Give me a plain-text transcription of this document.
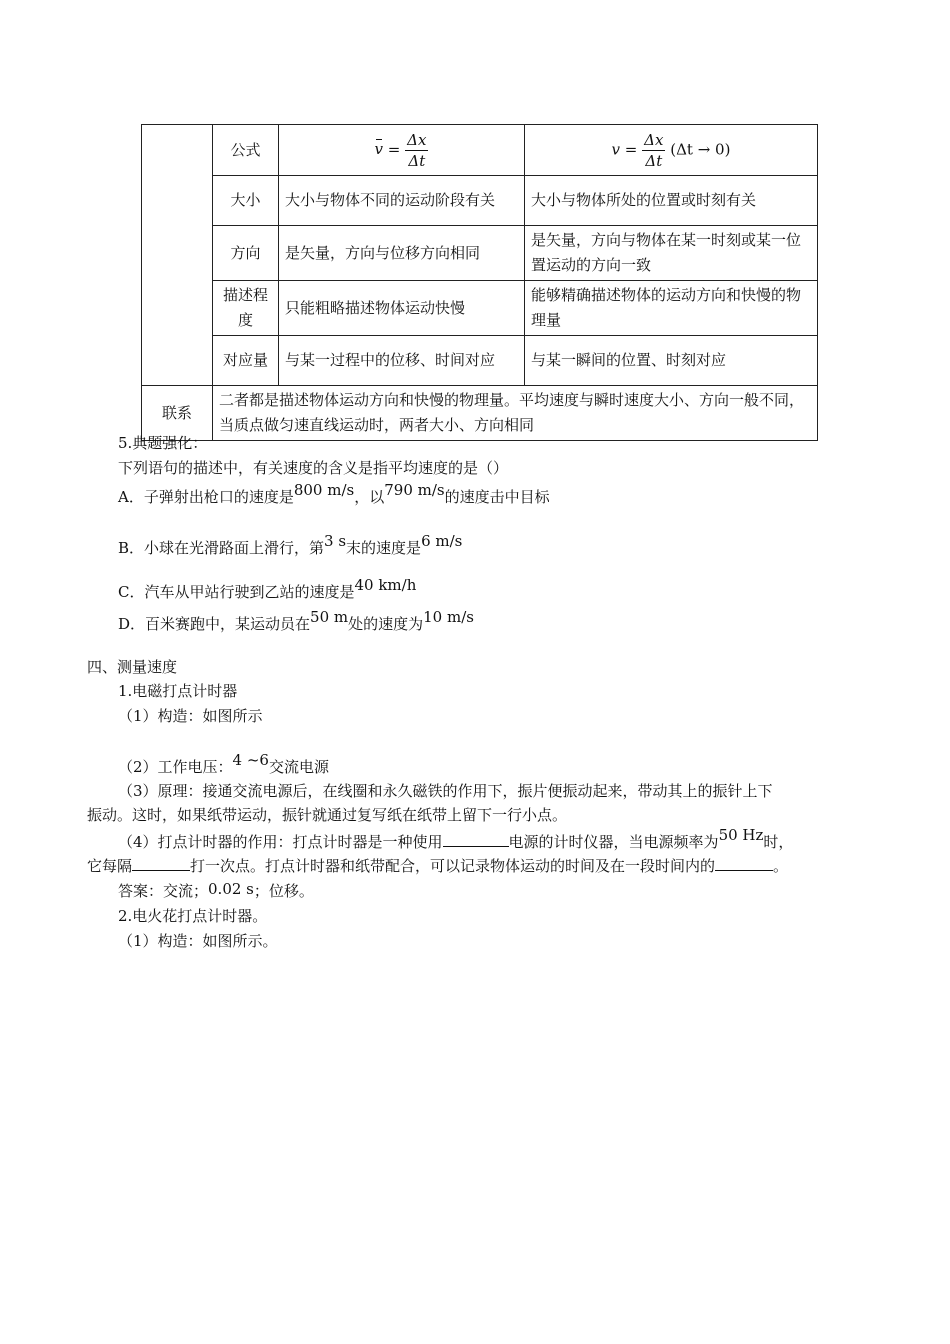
	公式	$v = \frac{\Delta x}{\Delta t}$	$v = \frac{\Delta x}{\Delta t} (\Delta t \to 0)$
	大小	大小与物体不同的运动阶段有关	大小与物体所处的位置或时刻有关
	方向	是矢量，方向与位移方向相同	是矢量，方向与物体在某一时刻或某一位置运动的方向一致
	描述程度	只能粗略描述物体运动快慢	能够精确描述物体的运动方向和快慢的物理量
	对应量	与某一过程中的位移、时间对应	与某一瞬间的位置、时刻对应
联系	二者都是描述物体运动方向和快慢的物理量。平均速度与瞬时速度大小、方向一般不同，当质点做匀速直线运动时，两者大小、方向相同		
5.典题强化：
下列语句的描述中，有关速度的含义是指平均速度的是（）
A．子弹射出枪口的速度是800 m/s，以790 m/s的速度击中目标
B．小球在光滑路面上滑行，第3 s末的速度是6 m/s
C．汽车从甲站行驶到乙站的速度是40 km/h
D．百米赛跑中，某运动员在50 m处的速度为10 m/s
四、测量速度
1.电磁打点计时器
（1）构造：如图所示
（2）工作电压：4 ~6交流电源
（3）原理：接通交流电源后，在线圈和永久磁铁的作用下，振片便振动起来，带动其上的振针上下
振动。这时，如果纸带运动，振针就通过复写纸在纸带上留下一行小点。
（4）打点计时器的作用：打点计时器是一种使用	电源的计时仪器，当电源频率为50 Hz时，
它每隔	打一次点。打点计时器和纸带配合，可以记录物体运动的时间及在一段时间内的	。
答案：交流；0.02 s；位移。
2.电火花打点计时器。
（1）构造：如图所示。
